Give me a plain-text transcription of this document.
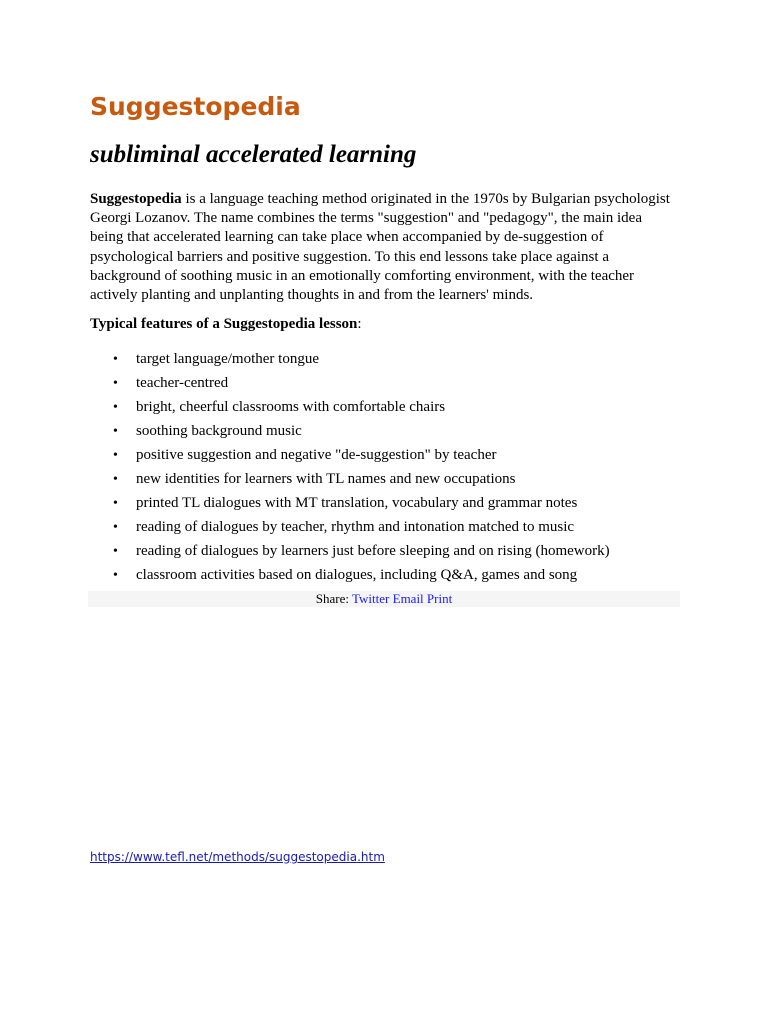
Suggestopedia
subliminal accelerated learning

Suggestopedia is a language teaching method originated in the 1970s by Bulgarian psychologist Georgi Lozanov. The name combines the terms "suggestion" and "pedagogy", the main idea being that accelerated learning can take place when accompanied by de-suggestion of psychological barriers and positive suggestion. To this end lessons take place against a background of soothing music in an emotionally comforting environment, with the teacher actively planting and unplanting thoughts in and from the learners' minds.

Typical features of a Suggestopedia lesson:

• target language/mother tongue
• teacher-centred
• bright, cheerful classrooms with comfortable chairs
• soothing background music
• positive suggestion and negative "de-suggestion" by teacher
• new identities for learners with TL names and new occupations
• printed TL dialogues with MT translation, vocabulary and grammar notes
• reading of dialogues by teacher, rhythm and intonation matched to music
• reading of dialogues by learners just before sleeping and on rising (homework)
• classroom activities based on dialogues, including Q&A, games and song
Share: Twitter Email Print
https://www.tefl.net/methods/suggestopedia.htm
